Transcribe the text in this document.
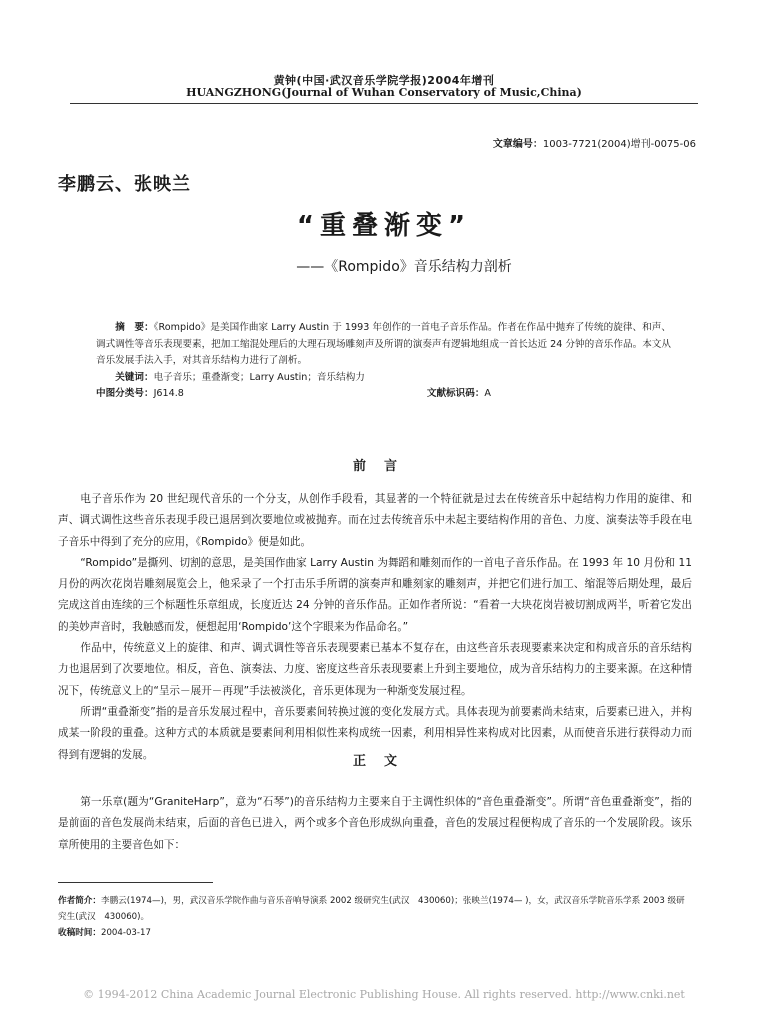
黄钟(中国·武汉音乐学院学报)2004年增刊
HUANGZHONG(Journal of Wuhan Conservatory of Music,China)
文章编号：1003-7721(2004)增刊-0075-06
李鹏云、张映兰
“重叠渐变”
——《Rompido》音乐结构力剖析

摘　要：《Rompido》是美国作曲家 Larry Austin 于 1993 年创作的一首电子音乐作品。作者在作品中抛弃了传统的旋律、和声、调式调性等音乐表现要素，把加工缩混处理后的大理石现场雕刻声及所谓的演奏声有逻辑地组成一首长达近 24 分钟的音乐作品。本文从音乐发展手法入手，对其音乐结构力进行了剖析。

关键词：电子音乐；重叠渐变；Larry Austin；音乐结构力

中图分类号：J614.8	文献标识码：A
前言

电子音乐作为 20 世纪现代音乐的一个分支，从创作手段看，其显著的一个特征就是过去在传统音乐中起结构力作用的旋律、和声、调式调性这些音乐表现手段已退居到次要地位或被抛弃。而在过去传统音乐中未起主要结构作用的音色、力度、演奏法等手段在电子音乐中得到了充分的应用，《Rompido》便是如此。

“Rompido”是撕列、切割的意思，是美国作曲家 Larry Austin 为舞蹈和雕刻而作的一首电子音乐作品。在 1993 年 10 月份和 11 月份的两次花岗岩雕刻展览会上，他采录了一个打击乐手所谓的演奏声和雕刻家的雕刻声，并把它们进行加工、缩混等后期处理，最后完成这首由连续的三个标题性乐章组成，长度近达 24 分钟的音乐作品。正如作者所说：“看着一大块花岗岩被切割成两半，听着它发出的美妙声音时，我触感而发，便想起用‘Rompido’这个字眼来为作品命名。”

作品中，传统意义上的旋律、和声、调式调性等音乐表现要素已基本不复存在，由这些音乐表现要素来决定和构成音乐的音乐结构力也退居到了次要地位。相反，音色、演奏法、力度、密度这些音乐表现要素上升到主要地位，成为音乐结构力的主要来源。在这种情况下，传统意义上的“呈示－展开－再现”手法被淡化，音乐更体现为一种渐变发展过程。

所谓“重叠渐变”指的是音乐发展过程中，音乐要素间转换过渡的变化发展方式。具体表现为前要素尚未结束，后要素已进入，并构成某一阶段的重叠。这种方式的本质就是要素间利用相似性来构成统一因素，利用相异性来构成对比因素，从而使音乐进行获得动力而得到有逻辑的发展。	正文

第一乐章(题为“GraniteHarp”，意为“石琴”)的音乐结构力主要来自于主调性织体的“音色重叠渐变”。所谓“音色重叠渐变”，指的是前面的音色发展尚未结束，后面的音色已进入，两个或多个音色形成纵向重叠，音色的发展过程便构成了音乐的一个发展阶段。该乐章所使用的主要音色如下：

作者简介：李鹏云(1974—)，男，武汉音乐学院作曲与音乐音响导演系 2002 级研究生(武汉　430060)；张映兰(1974— )，女，武汉音乐学院音乐学系 2003 级研究生(武汉　430060)。

收稿时间：2004-03-17

© 1994-2012 China Academic Journal Electronic Publishing House. All rights reserved. http://www.cnki.net
